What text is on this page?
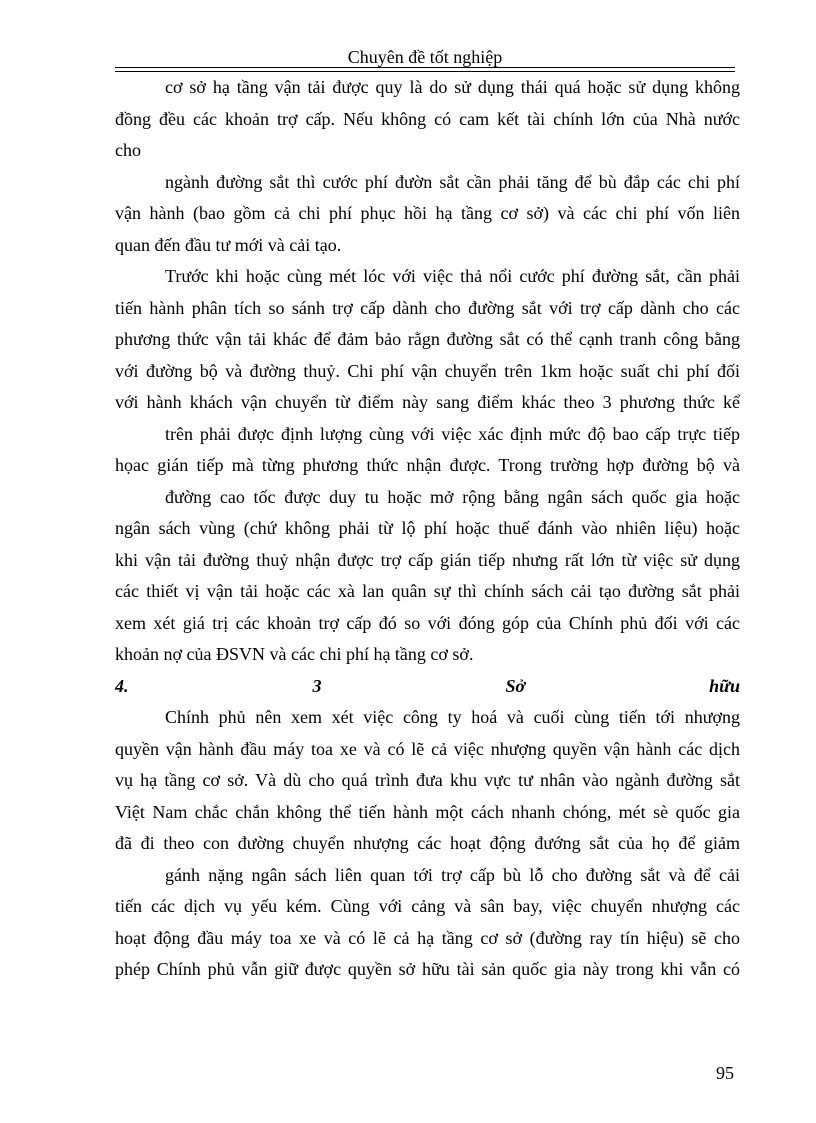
Chuyên đề tốt nghiệp
cơ sở hạ tầng vận tải được quy là do sử dụng thái quá hoặc sử dụng không
đồng đều các khoản trợ cấp. Nếu không có cam kết tài chính lớn của Nhà nước
cho
ngành đường sắt thì cước phí đườn sắt cần phải tăng để bù đắp các chi phí
vận hành (bao gồm cả chi phí phục hồi hạ tầng cơ sở) và các chi phí vốn liên
quan đến đầu tư mới và cải tạo.
Trước khi hoặc cùng mét lóc với việc thả nổi cước phí đường sắt, cần phải
tiến hành phân tích so sánh trợ cấp dành cho đường sắt với trợ cấp dành cho các
phương thức vận tải khác để đảm bảo rằgn đường sắt có thể cạnh tranh công bằng
với đường bộ và đường thuỷ. Chi phí vận chuyển trên 1km hoặc suất chi phí đối
với hành khách vận chuyển từ điểm này sang điểm khác theo 3 phương thức kể
trên phải được định lượng cùng với việc xác định mức độ bao cấp trực tiếp
họac gián tiếp mà từng phương thức nhận được. Trong trường hợp đường bộ và
đường cao tốc được duy tu hoặc mở rộng bằng ngân sách quốc gia hoặc
ngân sách vùng (chứ không phải từ lộ phí hoặc thuế đánh vào nhiên liệu) hoặc
khi vận tải đường thuỷ nhận được trợ cấp gián tiếp nhưng rất lớn từ việc sử dụng
các thiết vị vận tải hoặc các xà lan quân sự thì chính sách cải tạo đường sắt phải
xem xét giá trị các khoản trợ cấp đó so với đóng góp của Chính phủ đối với các
khoản nợ của ĐSVN và các chi phí hạ tầng cơ sở.
4.	3	Sở	hữu
Chính phủ nên xem xét việc công ty hoá và cuối cùng tiến tới nhượng
quyền vận hành đầu máy toa xe và có lẽ cả việc nhượng quyền vận hành các dịch
vụ hạ tầng cơ sở. Và dù cho quá trình đưa khu vực tư nhân vào ngành đường sắt
Việt Nam chắc chắn không thể tiến hành một cách nhanh chóng, mét sè quốc gia
đã đi theo con đường chuyển nhượng các hoạt động đướng sắt của họ để giảm
gánh nặng ngân sách liên quan tới trợ cấp bù lỗ cho đường sắt và để cải
tiến các dịch vụ yếu kém. Cùng với cảng và sân bay, việc chuyển nhượng các
hoạt động đầu máy toa xe và có lẽ cả hạ tầng cơ sở (đường ray tín hiệu) sẽ cho
phép Chính phủ vẫn giữ được quyền sở hữu tài sản quốc gia này trong khi vẫn có
95
